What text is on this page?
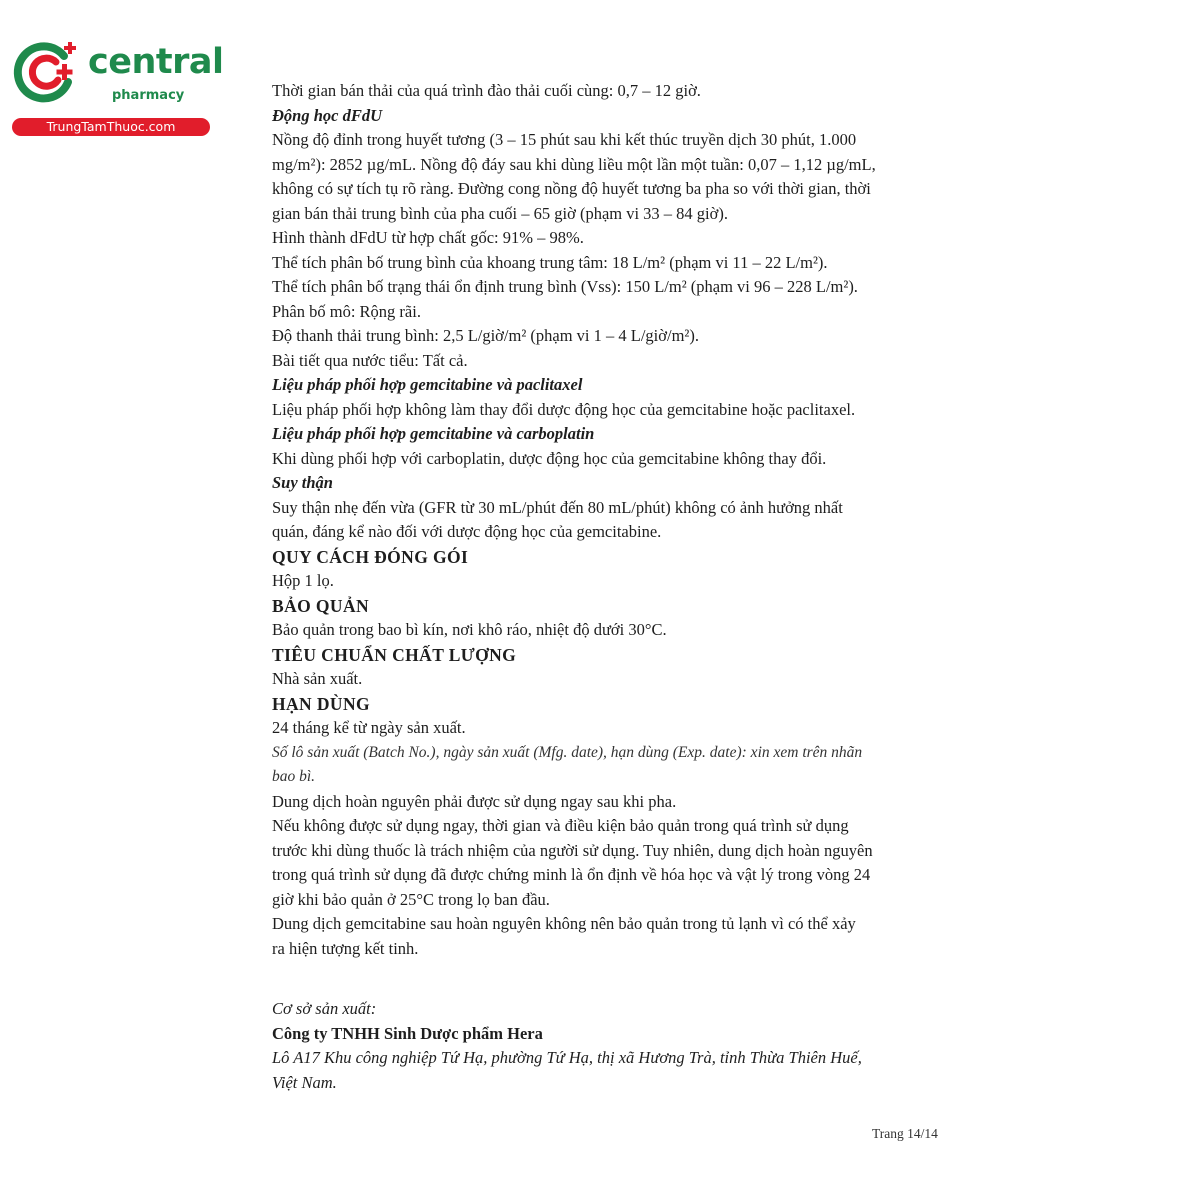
central
pharmacy
TrungTamThuoc.com
Thời gian bán thải của quá trình đào thải cuối cùng: 0,7 – 12 giờ.
Động học dFdU
Nồng độ đỉnh trong huyết tương (3 – 15 phút sau khi kết thúc truyền dịch 30 phút, 1.000
mg/m²): 2852 µg/mL. Nồng độ đáy sau khi dùng liều một lần một tuần: 0,07 – 1,12 µg/mL,
không có sự tích tụ rõ ràng. Đường cong nồng độ huyết tương ba pha so với thời gian, thời
gian bán thải trung bình của pha cuối – 65 giờ (phạm vi 33 – 84 giờ).
Hình thành dFdU từ hợp chất gốc: 91% – 98%.
Thể tích phân bố trung bình của khoang trung tâm: 18 L/m² (phạm vi 11 – 22 L/m²).
Thể tích phân bố trạng thái ổn định trung bình (Vss): 150 L/m² (phạm vi 96 – 228 L/m²).
Phân bố mô: Rộng rãi.
Độ thanh thải trung bình: 2,5 L/giờ/m² (phạm vi 1 – 4 L/giờ/m²).
Bài tiết qua nước tiểu: Tất cả.
Liệu pháp phối hợp gemcitabine và paclitaxel
Liệu pháp phối hợp không làm thay đổi dược động học của gemcitabine hoặc paclitaxel.
Liệu pháp phối hợp gemcitabine và carboplatin
Khi dùng phối hợp với carboplatin, dược động học của gemcitabine không thay đổi.
Suy thận
Suy thận nhẹ đến vừa (GFR từ 30 mL/phút đến 80 mL/phút) không có ảnh hưởng nhất
quán, đáng kể nào đối với dược động học của gemcitabine.
QUY CÁCH ĐÓNG GÓI
Hộp 1 lọ.
BẢO QUẢN
Bảo quản trong bao bì kín, nơi khô ráo, nhiệt độ dưới 30°C.
TIÊU CHUẨN CHẤT LƯỢNG
Nhà sản xuất.
HẠN DÙNG
24 tháng kể từ ngày sản xuất.
Số lô sản xuất (Batch No.), ngày sản xuất (Mfg. date), hạn dùng (Exp. date): xin xem trên nhãn
bao bì.
Dung dịch hoàn nguyên phải được sử dụng ngay sau khi pha.
Nếu không được sử dụng ngay, thời gian và điều kiện bảo quản trong quá trình sử dụng
trước khi dùng thuốc là trách nhiệm của người sử dụng. Tuy nhiên, dung dịch hoàn nguyên
trong quá trình sử dụng đã được chứng minh là ổn định về hóa học và vật lý trong vòng 24
giờ khi bảo quản ở 25°C trong lọ ban đầu.
Dung dịch gemcitabine sau hoàn nguyên không nên bảo quản trong tủ lạnh vì có thể xảy
ra hiện tượng kết tinh.
Cơ sở sản xuất:
Công ty TNHH Sinh Dược phẩm Hera
Lô A17 Khu công nghiệp Tứ Hạ, phường Tứ Hạ, thị xã Hương Trà, tỉnh Thừa Thiên Huế,
Việt Nam.
Trang 14/14
